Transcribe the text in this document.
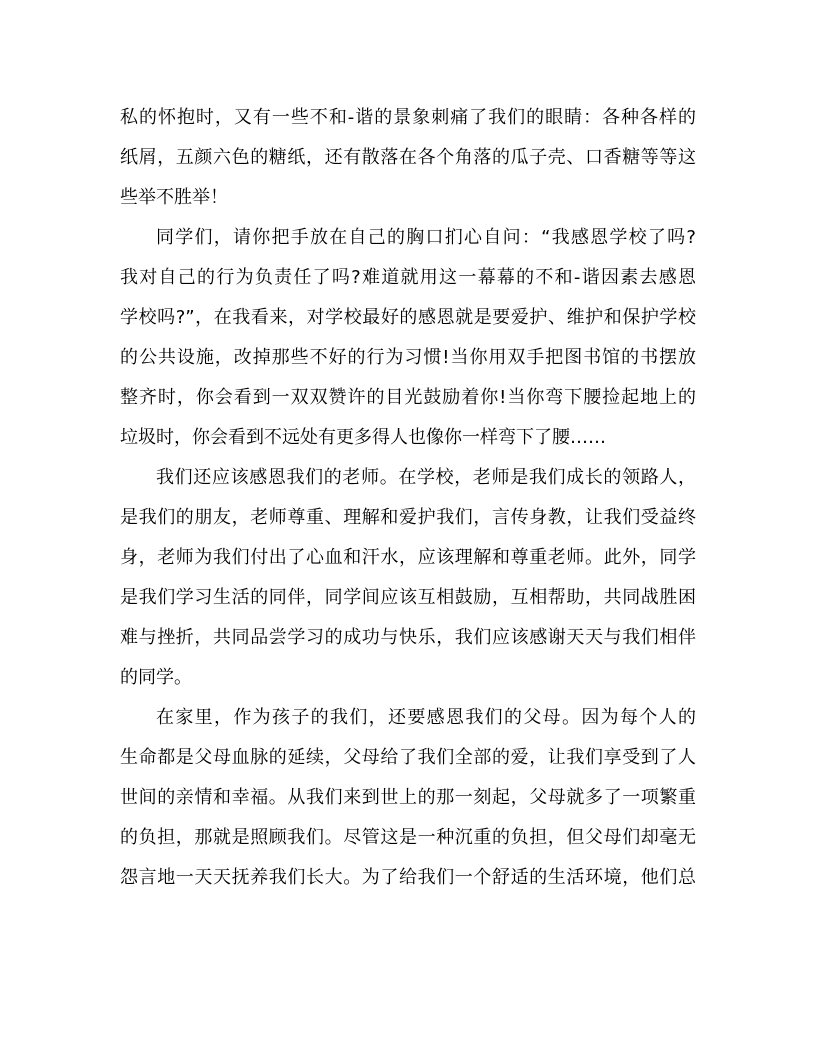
私的怀抱时，又有一些不和-谐的景象刺痛了我们的眼睛：各种各样的
纸屑，五颜六色的糖纸，还有散落在各个角落的瓜子壳、口香糖等等这
些举不胜举！
同学们，请你把手放在自己的胸口扪心自问：“我感恩学校了吗?
我对自己的行为负责任了吗?难道就用这一幕幕的不和-谐因素去感恩
学校吗?”，在我看来，对学校最好的感恩就是要爱护、维护和保护学校
的公共设施，改掉那些不好的行为习惯!当你用双手把图书馆的书摆放
整齐时，你会看到一双双赞许的目光鼓励着你!当你弯下腰捡起地上的
垃圾时，你会看到不远处有更多得人也像你一样弯下了腰……
我们还应该感恩我们的老师。在学校，老师是我们成长的领路人，
是我们的朋友，老师尊重、理解和爱护我们，言传身教，让我们受益终
身，老师为我们付出了心血和汗水，应该理解和尊重老师。此外，同学
是我们学习生活的同伴，同学间应该互相鼓励，互相帮助，共同战胜困
难与挫折，共同品尝学习的成功与快乐，我们应该感谢天天与我们相伴
的同学。
在家里，作为孩子的我们，还要感恩我们的父母。因为每个人的
生命都是父母血脉的延续，父母给了我们全部的爱，让我们享受到了人
世间的亲情和幸福。从我们来到世上的那一刻起，父母就多了一项繁重
的负担，那就是照顾我们。尽管这是一种沉重的负担，但父母们却毫无
怨言地一天天抚养我们长大。为了给我们一个舒适的生活环境，他们总
